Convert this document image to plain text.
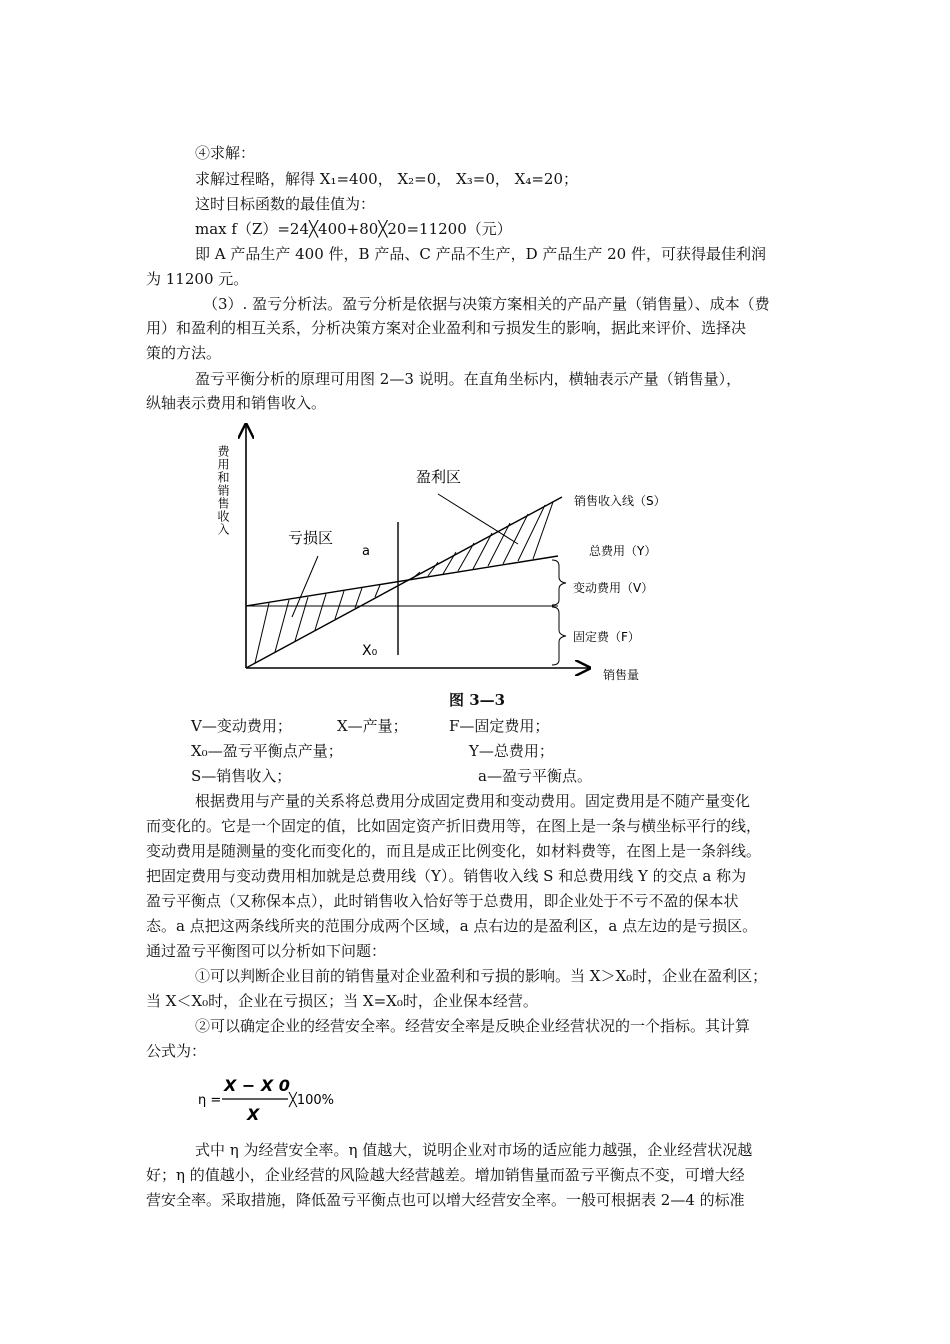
④求解：
求解过程略，解得 X₁=400， X₂=0， X₃=0， X₄=20；
这时目标函数的最佳值为：
max f（Z）=24╳400+80╳20=11200（元）
即 A 产品生产 400 件，B 产品、C 产品不生产，D 产品生产 20 件，可获得最佳利润
为 11200 元。
（3）. 盈亏分析法。盈亏分析是依据与决策方案相关的产品产量（销售量）、成本（费
用）和盈利的相互关系，分析决策方案对企业盈利和亏损发生的影响，据此来评价、选择决
策的方法。
盈亏平衡分析的原理可用图 2—3 说明。在直角坐标内，横轴表示产量（销售量），
纵轴表示费用和销售收入。
费用和销售收入	盈利区
亏损区
a
X₀
销售收入线（S）
总费用（Y）
变动费用（V）
固定费（F）
销售量
图 3—3
V—变动费用；	X—产量；	F—固定费用；
X₀—盈亏平衡点产量；	Y—总费用；
S—销售收入；	a—盈亏平衡点。
根据费用与产量的关系将总费用分成固定费用和变动费用。固定费用是不随产量变化
而变化的。它是一个固定的值，比如固定资产折旧费用等，在图上是一条与横坐标平行的线，
变动费用是随测量的变化而变化的，而且是成正比例变化，如材料费等，在图上是一条斜线。
把固定费用与变动费用相加就是总费用线（Y）。销售收入线 S 和总费用线 Y 的交点 a 称为
盈亏平衡点（又称保本点），此时销售收入恰好等于总费用，即企业处于不亏不盈的保本状
态。a 点把这两条线所夹的范围分成两个区域，a 点右边的是盈利区，a 点左边的是亏损区。
通过盈亏平衡图可以分析如下问题：
①可以判断企业目前的销售量对企业盈利和亏损的影响。当 X＞X₀时，企业在盈利区；
当 X＜X₀时，企业在亏损区；当 X=X₀时，企业保本经营。
②可以确定企业的经营安全率。经营安全率是反映企业经营状况的一个指标。其计算
公式为：
η =
X − X 0
X
╳100%
式中 η 为经营安全率。η 值越大，说明企业对市场的适应能力越强，企业经营状况越
好；η 的值越小，企业经营的风险越大经营越差。增加销售量而盈亏平衡点不变，可增大经
营安全率。采取措施，降低盈亏平衡点也可以增大经营安全率。一般可根据表 2—4 的标准
